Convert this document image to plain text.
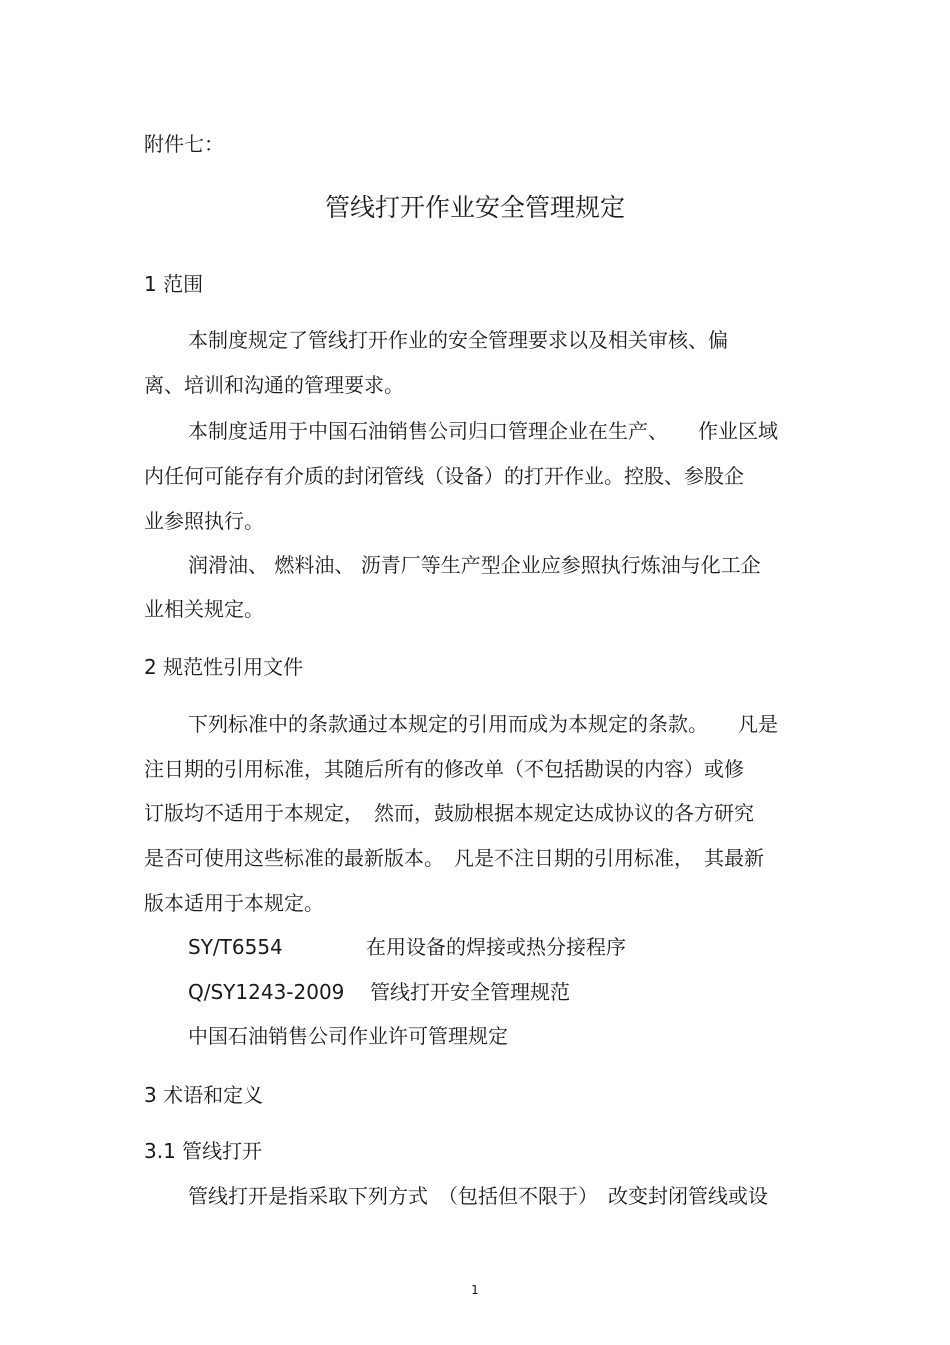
附件七：
管线打开作业安全管理规定
1 范围
本制度规定了管线打开作业的安全管理要求以及相关审核、偏
离、培训和沟通的管理要求。
本制度适用于中国石油销售公司归口管理企业在生产、　　作业区域
内任何可能存有介质的封闭管线（设备）的打开作业。控股、参股企
业参照执行。
润滑油、 燃料油、 沥青厂等生产型企业应参照执行炼油与化工企
业相关规定。
2 规范性引用文件
下列标准中的条款通过本规定的引用而成为本规定的条款。　　凡是
注日期的引用标准，其随后所有的修改单（不包括勘误的内容）或修
订版均不适用于本规定，　然而，鼓励根据本规定达成协议的各方研究
是否可使用这些标准的最新版本。　凡是不注日期的引用标准，　其最新
版本适用于本规定。
SY/T6554	在用设备的焊接或热分接程序
Q/SY1243-2009 管线打开安全管理规范
中国石油销售公司作业许可管理规定
3 术语和定义
3.1 管线打开
管线打开是指采取下列方式　（包括但不限于）　改变封闭管线或设
1
